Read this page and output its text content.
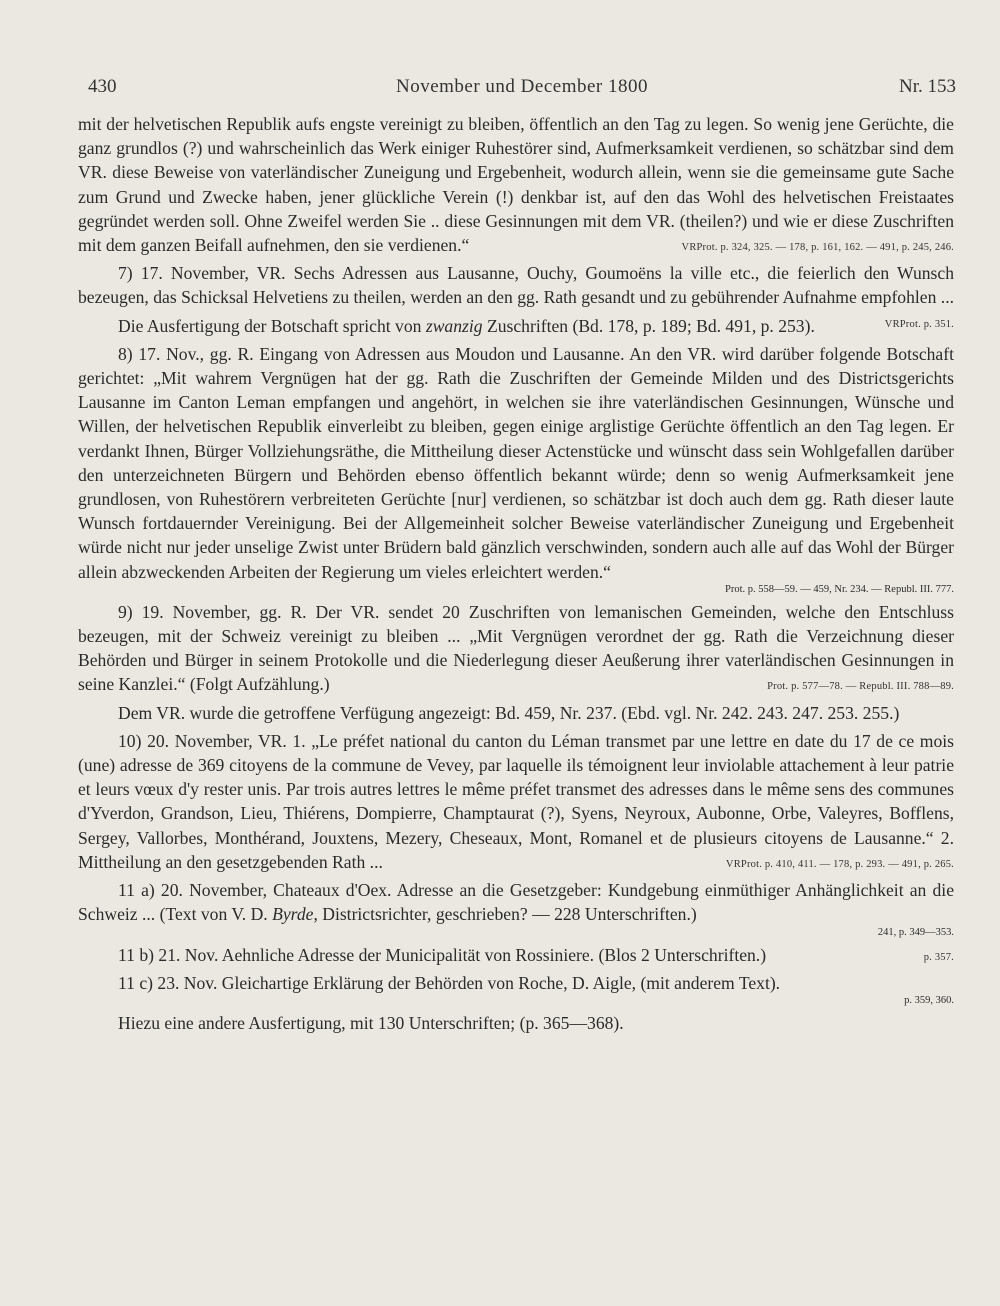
430	November und December 1800	Nr. 153

mit der helvetischen Republik aufs engste vereinigt zu bleiben, öffentlich an den Tag zu legen. So wenig jene Gerüchte, die ganz grundlos (?) und wahrscheinlich das Werk einiger Ruhestörer sind, Aufmerksamkeit verdienen, so schätzbar sind dem VR. diese Beweise von vaterländischer Zuneigung und Ergebenheit, wodurch allein, wenn sie die gemeinsame gute Sache zum Grund und Zwecke haben, jener glückliche Verein (!) denkbar ist, auf den das Wohl des helvetischen Freistaates gegründet werden soll. Ohne Zweifel werden Sie .. diese Gesinnungen mit dem VR. (theilen?) und wie er diese Zuschriften mit dem ganzen Beifall aufnehmen, den sie verdienen.“	VRProt. p. 324, 325. — 178, p. 161, 162. — 491, p. 245, 246.

7) 17. November, VR. Sechs Adressen aus Lausanne, Ouchy, Goumoëns la ville etc., die feierlich den Wunsch bezeugen, das Schicksal Helvetiens zu theilen, werden an den gg. Rath gesandt und zu gebührender Aufnahme empfohlen ...
VRProt. p. 351.

Die Ausfertigung der Botschaft spricht von zwanzig Zuschriften (Bd. 178, p. 189; Bd. 491, p. 253).

8) 17. Nov., gg. R. Eingang von Adressen aus Moudon und Lausanne. An den VR. wird darüber folgende Botschaft gerichtet: „Mit wahrem Vergnügen hat der gg. Rath die Zuschriften der Gemeinde Milden und des Districtsgerichts Lausanne im Canton Leman empfangen und angehört, in welchen sie ihre vaterländischen Gesinnungen, Wünsche und Willen, der helvetischen Republik einverleibt zu bleiben, gegen einige arglistige Gerüchte öffentlich an den Tag legen. Er verdankt Ihnen, Bürger Vollziehungsräthe, die Mittheilung dieser Actenstücke und wünscht dass sein Wohlgefallen darüber den unterzeichneten Bürgern und Behörden ebenso öffentlich bekannt würde; denn so wenig Aufmerksamkeit jene grundlosen, von Ruhestörern verbreiteten Gerüchte [nur] verdienen, so schätzbar ist doch auch dem gg. Rath dieser laute Wunsch fortdauernder Vereinigung. Bei der Allgemeinheit solcher Beweise vaterländischer Zuneigung und Ergebenheit würde nicht nur jeder unselige Zwist unter Brüdern bald gänzlich verschwinden, sondern auch alle auf das Wohl der Bürger allein abzweckenden Arbeiten der Regierung um vieles erleichtert werden.“

Prot. p. 558—59. — 459, Nr. 234. — Republ. III. 777.

9) 19. November, gg. R. Der VR. sendet 20 Zuschriften von lemanischen Gemeinden, welche den Entschluss bezeugen, mit der Schweiz vereinigt zu bleiben ... „Mit Vergnügen verordnet der gg. Rath die Verzeichnung dieser Behörden und Bürger in seinem Protokolle und die Niederlegung dieser Aeußerung ihrer vaterländischen Gesinnungen in seine Kanzlei.“ (Folgt Aufzählung.)	Prot. p. 577—78. — Republ. III. 788—89.

Dem VR. wurde die getroffene Verfügung angezeigt: Bd. 459, Nr. 237. (Ebd. vgl. Nr. 242. 243. 247. 253. 255.)

10) 20. November, VR. 1. „Le préfet national du canton du Léman transmet par une lettre en date du 17 de ce mois (une) adresse de 369 citoyens de la commune de Vevey, par laquelle ils témoignent leur inviolable attachement à leur patrie et leurs vœux d'y rester unis. Par trois autres lettres le même préfet transmet des adresses dans le même sens des communes d'Yverdon, Grandson, Lieu, Thiérens, Dompierre, Champtaurat (?), Syens, Neyroux, Aubonne, Orbe, Valeyres, Bofflens, Sergey, Vallorbes, Monthérand, Jouxtens, Mezery, Cheseaux, Mont, Romanel et de plusieurs citoyens de Lausanne.“ 2. Mittheilung an den gesetzgebenden Rath ...	VRProt. p. 410, 411. — 178, p. 293. — 491, p. 265.

11 a) 20. November, Chateaux d'Oex. Adresse an die Gesetzgeber: Kundgebung einmüthiger Anhänglichkeit an die Schweiz ... (Text von V. D. Byrde, Districtsrichter, geschrieben? — 228 Unterschriften.)

241, p. 349—353.

11 b) 21. Nov. Aehnliche Adresse der Municipalität von Rossiniere. (Blos 2 Unterschriften.)	p. 357.

11 c) 23. Nov. Gleichartige Erklärung der Behörden von Roche, D. Aigle, (mit anderem Text).

p. 359, 360.

Hiezu eine andere Ausfertigung, mit 130 Unterschriften; (p. 365—368).
